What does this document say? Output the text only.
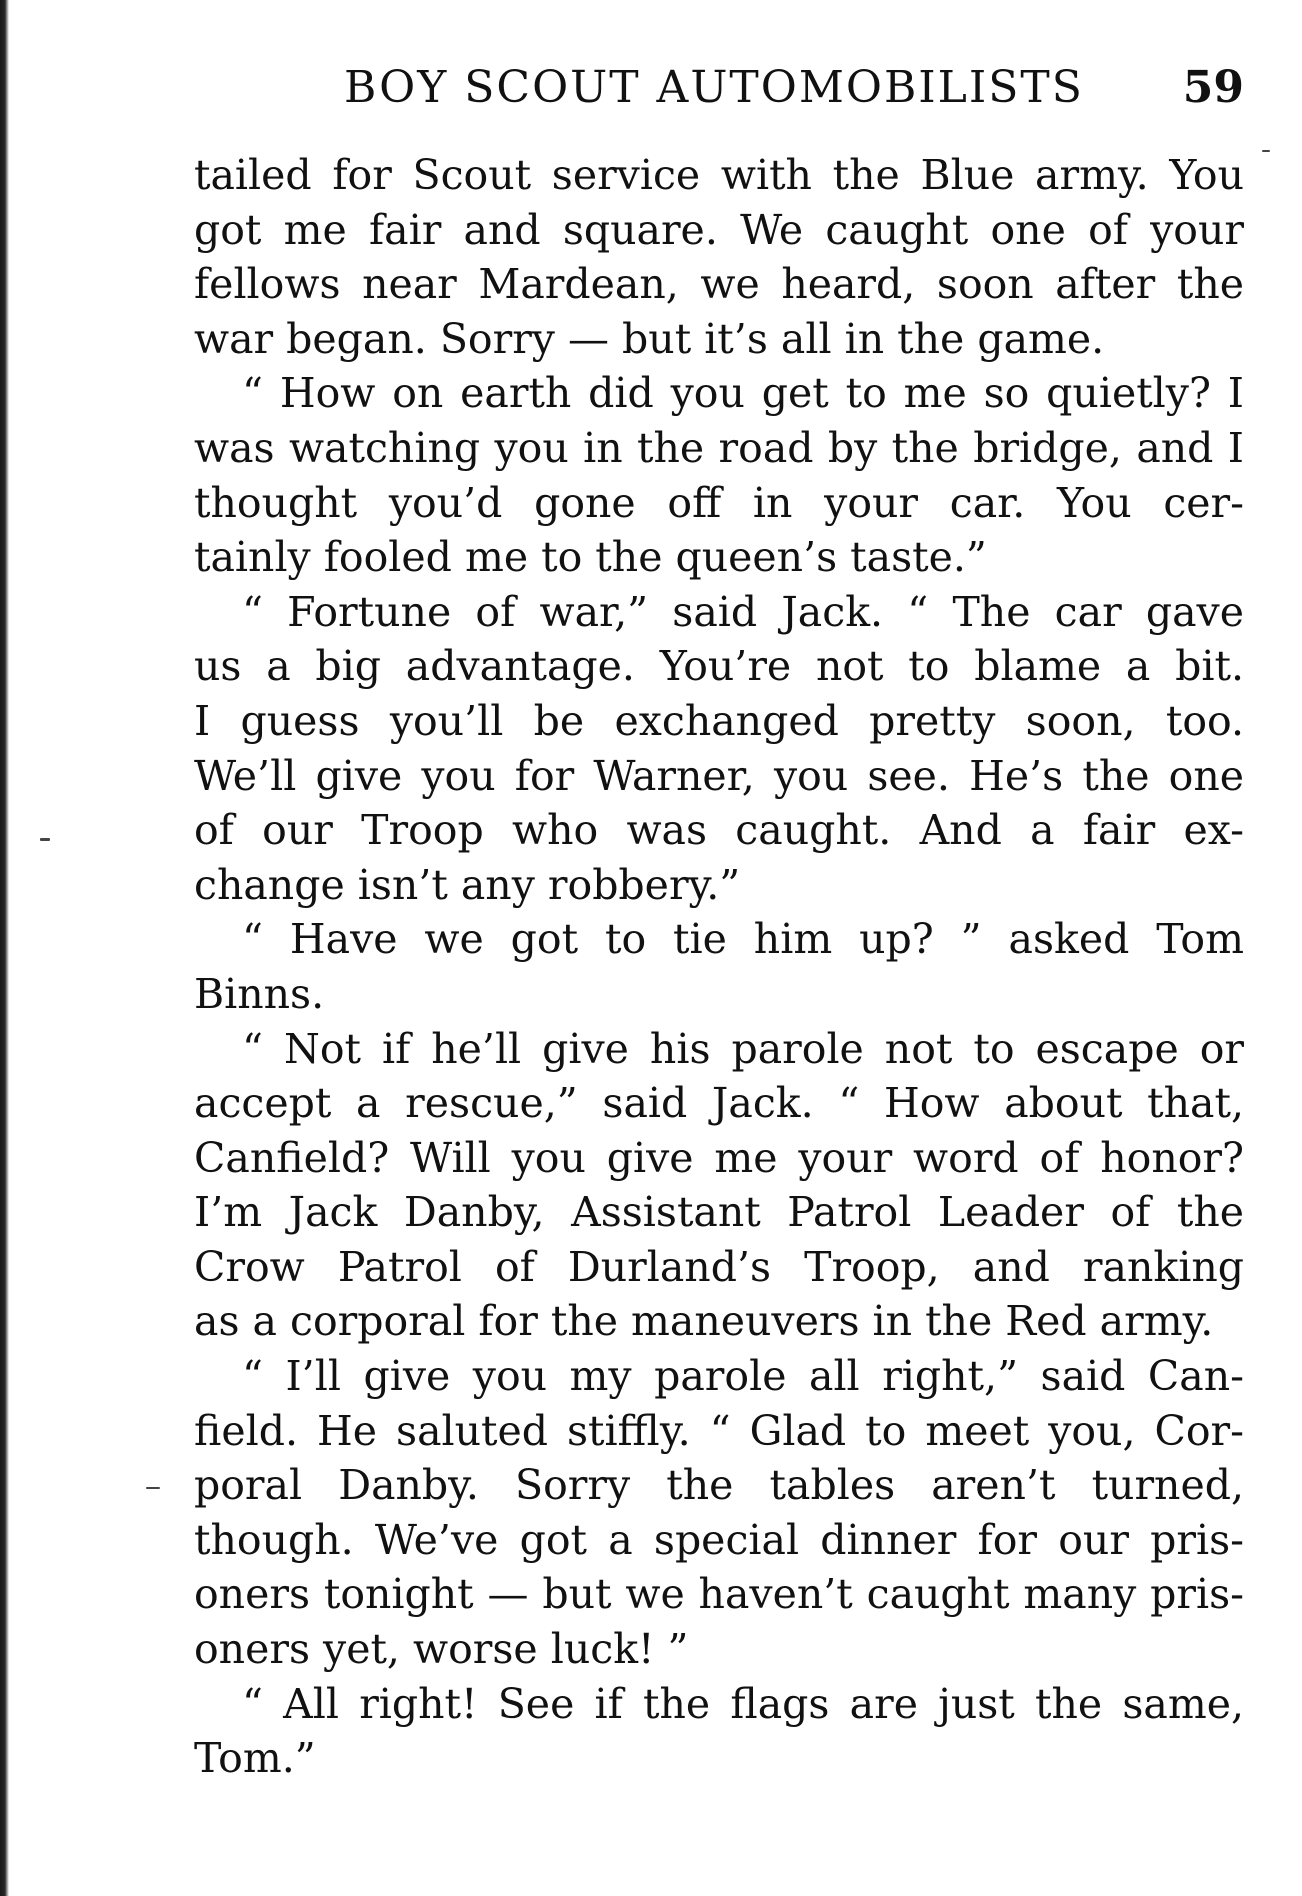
BOY SCOUT AUTOMOBILISTS 59
tailed for Scout service with the Blue army. You
got me fair and square. We caught one of your
fellows near Mardean, we heard, soon after the
war began. Sorry — but it’s all in the game.
“ How on earth did you get to me so quietly? I
was watching you in the road by the bridge, and I
thought you’d gone off in your car. You cer-
tainly fooled me to the queen’s taste.”
“ Fortune of war,” said Jack. “ The car gave
us a big advantage. You’re not to blame a bit.
I guess you’ll be exchanged pretty soon, too.
We’ll give you for Warner, you see. He’s the one
of our Troop who was caught. And a fair ex-
change isn’t any robbery.”
“ Have we got to tie him up? ” asked Tom
Binns.
“ Not if he’ll give his parole not to escape or
accept a rescue,” said Jack. “ How about that,
Canfield? Will you give me your word of honor?
I’m Jack Danby, Assistant Patrol Leader of the
Crow Patrol of Durland’s Troop, and ranking
as a corporal for the maneuvers in the Red army.
“ I’ll give you my parole all right,” said Can-
field. He saluted stiffly. “ Glad to meet you, Cor-
poral Danby. Sorry the tables aren’t turned,
though. We’ve got a special dinner for our pris-
oners tonight — but we haven’t caught many pris-
oners yet, worse luck! ”
“ All right! See if the flags are just the same,
Tom.”
